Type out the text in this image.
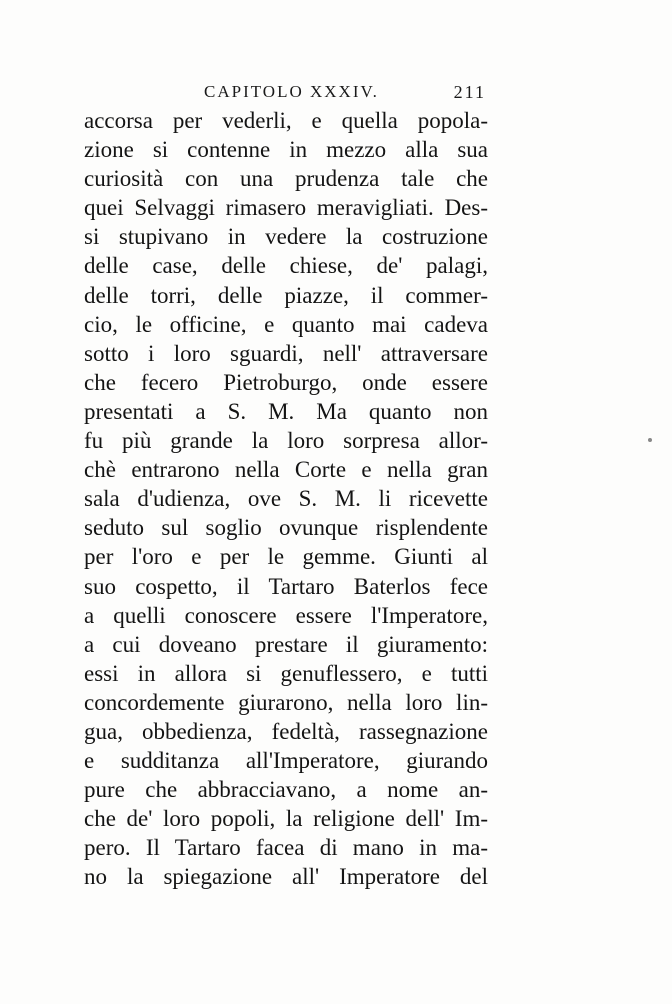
CAPITOLO XXXIV.	211
accorsa per vederli, e quella popola-
zione si contenne in mezzo alla sua
curiosità con una prudenza tale che
quei Selvaggi rimasero meravigliati. Des-
si stupivano in vedere la costruzione
delle case, delle chiese, de' palagi,
delle torri, delle piazze, il commer-
cio, le officine, e quanto mai cadeva
sotto i loro sguardi, nell' attraversare
che fecero Pietroburgo, onde essere
presentati a S. M. Ma quanto non
fu più grande la loro sorpresa allor-
chè entrarono nella Corte e nella gran
sala d'udienza, ove S. M. li ricevette
seduto sul soglio ovunque risplendente
per l'oro e per le gemme. Giunti al
suo cospetto, il Tartaro Baterlos fece
a quelli conoscere essere l'Imperatore,
a cui doveano prestare il giuramento:
essi in allora si genuflessero, e tutti
concordemente giurarono, nella loro lin-
gua, obbedienza, fedeltà, rassegnazione
e sudditanza all'Imperatore, giurando
pure che abbracciavano, a nome an-
che de' loro popoli, la religione dell' Im-
pero. Il Tartaro facea di mano in ma-
no la spiegazione all' Imperatore del
